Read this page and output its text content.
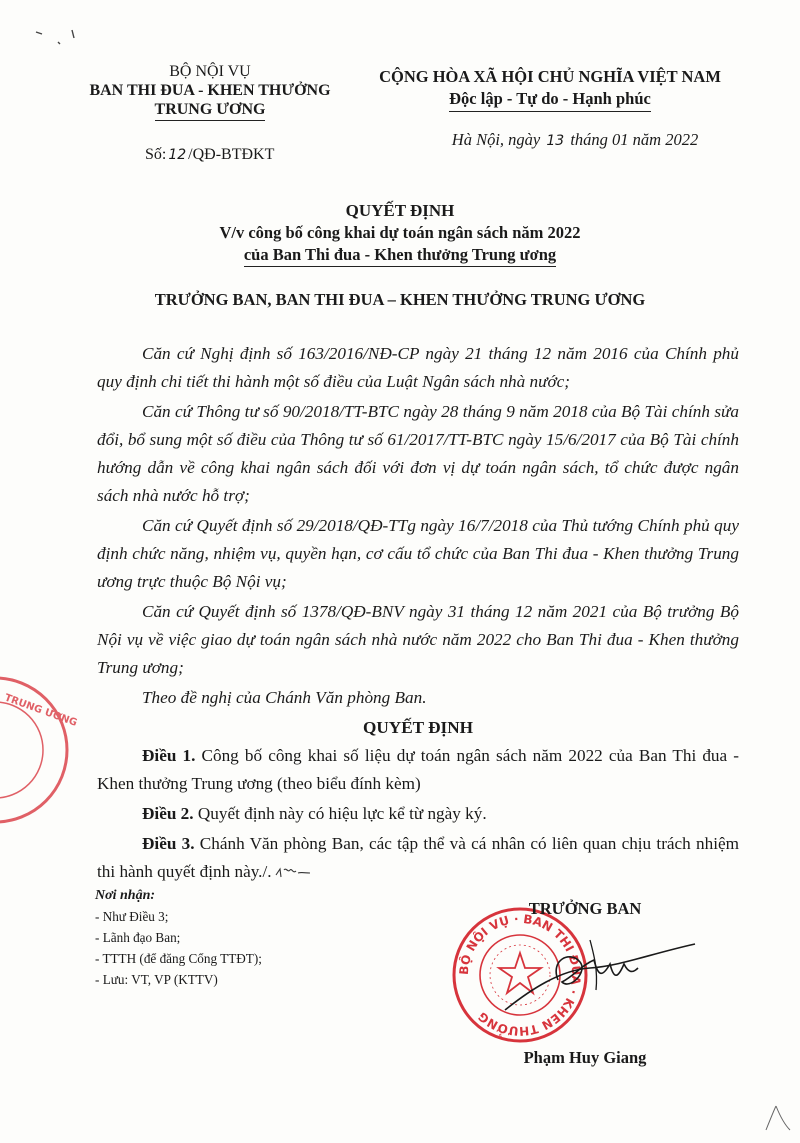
BỘ NỘI VỤ
BAN THI ĐUA - KHEN THƯỞNG
TRUNG ƯƠNG
CỘNG HÒA XÃ HỘI CHỦ NGHĨA VIỆT NAM
Độc lập - Tự do - Hạnh phúc
Số: 12 /QĐ-BTĐKT
Hà Nội, ngày 13 tháng 01 năm 2022
QUYẾT ĐỊNH
V/v công bố công khai dự toán ngân sách năm 2022
của Ban Thi đua - Khen thưởng Trung ương
TRƯỞNG BAN, BAN THI ĐUA – KHEN THƯỞNG TRUNG ƯƠNG

Căn cứ Nghị định số 163/2016/NĐ-CP ngày 21 tháng 12 năm 2016 của Chính phủ quy định chi tiết thi hành một số điều của Luật Ngân sách nhà nước;

Căn cứ Thông tư số 90/2018/TT-BTC ngày 28 tháng 9 năm 2018 của Bộ Tài chính sửa đổi, bổ sung một số điều của Thông tư số 61/2017/TT-BTC ngày 15/6/2017 của Bộ Tài chính hướng dẫn về công khai ngân sách đối với đơn vị dự toán ngân sách, tổ chức được ngân sách nhà nước hỗ trợ;

Căn cứ Quyết định số 29/2018/QĐ-TTg ngày 16/7/2018 của Thủ tướng Chính phủ quy định chức năng, nhiệm vụ, quyền hạn, cơ cấu tổ chức của Ban Thi đua - Khen thưởng Trung ương trực thuộc Bộ Nội vụ;

Căn cứ Quyết định số 1378/QĐ-BNV ngày 31 tháng 12 năm 2021 của Bộ trưởng Bộ Nội vụ về việc giao dự toán ngân sách nhà nước năm 2022 cho Ban Thi đua - Khen thưởng Trung ương;

Theo đề nghị của Chánh Văn phòng Ban.

QUYẾT ĐỊNH

Điều 1. Công bố công khai số liệu dự toán ngân sách năm 2022 của Ban Thi đua - Khen thưởng Trung ương (theo biểu đính kèm)

Điều 2. Quyết định này có hiệu lực kể từ ngày ký.

Điều 3. Chánh Văn phòng Ban, các tập thể và cá nhân có liên quan chịu trách nhiệm thi hành quyết định này./.

Nơi nhận:
- Như Điều 3;
- Lãnh đạo Ban;
- TTTH (để đăng Cổng TTĐT);
- Lưu: VT, VP (KTTV)
BỘ NỘI VỤ · BAN THI ĐUA · KHEN THƯỞNG
TRUNG ƯƠNG
TRƯỞNG BAN
Phạm Huy Giang
